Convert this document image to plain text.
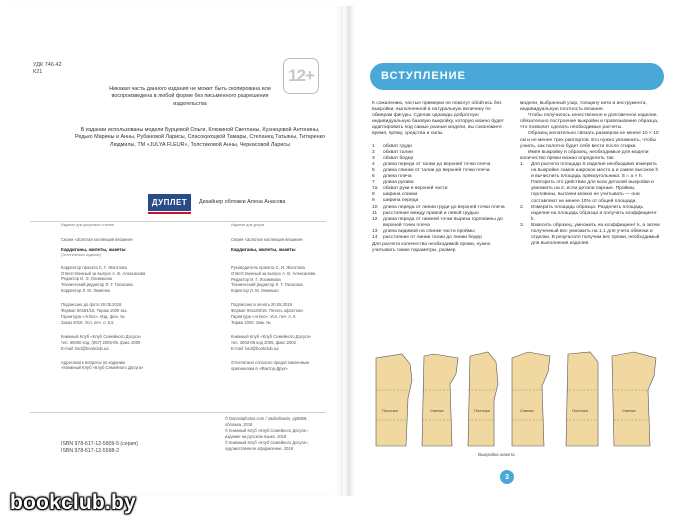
УДК 746.42
К21	12+
Никакая часть данного издания не может быть скопирована или воспроизведена в любой форме без письменного разрешения издательства
В издании использованы модели Бурцевой Ольги, Клюкиной Светланы, Кузнецовой Антонины, Редько Марины и Анны, Рубановой Ларисы, Спасокукоцкой Тамары, Степанец Татьяны, Титаренко Людмилы, ТМ «JULYA FLEUR», Толстиковой Анны, Черкасовой Ларисы
ДУПЛЕТ	Дизайнер обложки Алена Анасова
Издание для досугового чтения
Серия «Золотая коллекция вязания»
Кардиганы, жилеты, жакеты
(Эстетическое издание)
Корректор проекта С. Г. Жоготова
Ответственный за выпуск А. В. Алексанова
Редактор И. Э. Лосимкова
Технический редактор Л. Г. Галасова
Корректор Л. М. Леменко
Подписано до фото 20.05.2018
Формат 60х84/16. Тираж 1000 экз.
Гарнитура «Arimo». Изд. фон. №
Заказ 2018. Усл. печ. л. 6,5
Книжный Клуб «Клуб Семейного Досуга»
тел. 65000 код. (057) 2005-05, факс 2000
E-mail: ksd@bookclub.ua
Адресовать вопросы по изданию
«Книжный Клуб «Клуб Семейного Досуга»
Издание для досуга
Серия «Золотая коллекция вязания»
Кардиганы, жилеты, жакеты
Руководитель проекта С. И. Жоготова
Ответственный за выпуск А. В. Алексанова
Редактор И. Г. Лосимкова
Технический редактор Л. Г. Галасова
Коректор Л. М. Лемешко
Подписано в печать 20.05.2018
Формат 84x108/16. Печать офсетная
Гарнитура «Arimo». Усл. печ. л. 6
Тираж 1000. Зам. №
Книжный Клуб «Клуб Семейного Досуга»
тел. 3002-05 код 2005, факс 2002
E-mail: ksd@bookclub.ua
Отпечатано согласно предоставленным
оригиналам в «Фактор-Друк»
© Depositphotos.com / Vadimlisavin, pp8859,
обложка, 2018
© Книжный Клуб «Клуб Семейного Досуга»,
издание на русском языке, 2018
© Книжный Клуб «Клуб Семейного Досуга»,
художественное оформление, 2018
ISBN 978-617-12-5809-5 (серия)
ISBN 978-617-12-5598-2
ВСТУПЛЕНИЕ

К сожалению, частые примерки не помогут обойтись без выкройки, выполненной в натуральную величину по обмерам фигуры. Сделав однажды добротную индивидуальную базовую выкройку, которую можно будет адаптировать под самые разные модели, вы сэкономите время, пряжу, средства и силы.

1	обхват груди
2	обхват талии
3	обхват бедер
4	длина переда от талии до верхней точки плеча
5	длина спинки от талии до верхней точки плеча
6	длина плеча
7	длина рукава
7а	обхват руки в верхней части
8	ширина спинки
9	ширина переда
10	длина переда от линии груди до верхней точки плеча
11	расстояние между правой и левой грудью
12	длина переда от нижней точки выреза горловины до верхней точки плеча
13	длина видимой на спинке части проймы
14	расстояние от линии талии до линии бедер

Для расчета количества необходимой пряжи, нужно учитывать также параметры, размер

модели, выбранный узор, толщину нити и инструмента, индивидуальную плотность вязания.

Чтобы получилось качественное и долговечное изделие, обязательно построение выкройки и провязывание образца, что позволит сделать необходимые расчеты.

Образец желательно связать размером не менее 10 × 10 см и не менее трех раппортов. Его нужно увлажнить, чтобы узнать, как полотно будет себя вести после стирки.

Имея выкройку и образец, необходимые для модели количество пряжи можно определить так:

1.	Для расчета площади S изделия необходимо измерить на выкройке самое широкое место a и самое высокое h и вычислить площадь прямоугольника: S = a × h. Повторить это действие для всех деталей выкройки и умножить на 2, если детали парные. Проймы, горловины, вытачки можно не учитывать — они составляют не менее 10% от общей площади.
2.	Измерить площадь образца. Разделить площадь изделия на площадь образца и получить коэффициент k.
3.	Взвесить образец, умножить на коэффициент k, а затем полученный вес умножить на 1,1 для учета обвязки и отделки. В результате получим вес пряжи, необходимый для выполнения изделия.
Полочка	Спинка	Полочка	Спинка	Полочка	Спинка
Выкройка жакета
3
bookclub.by
